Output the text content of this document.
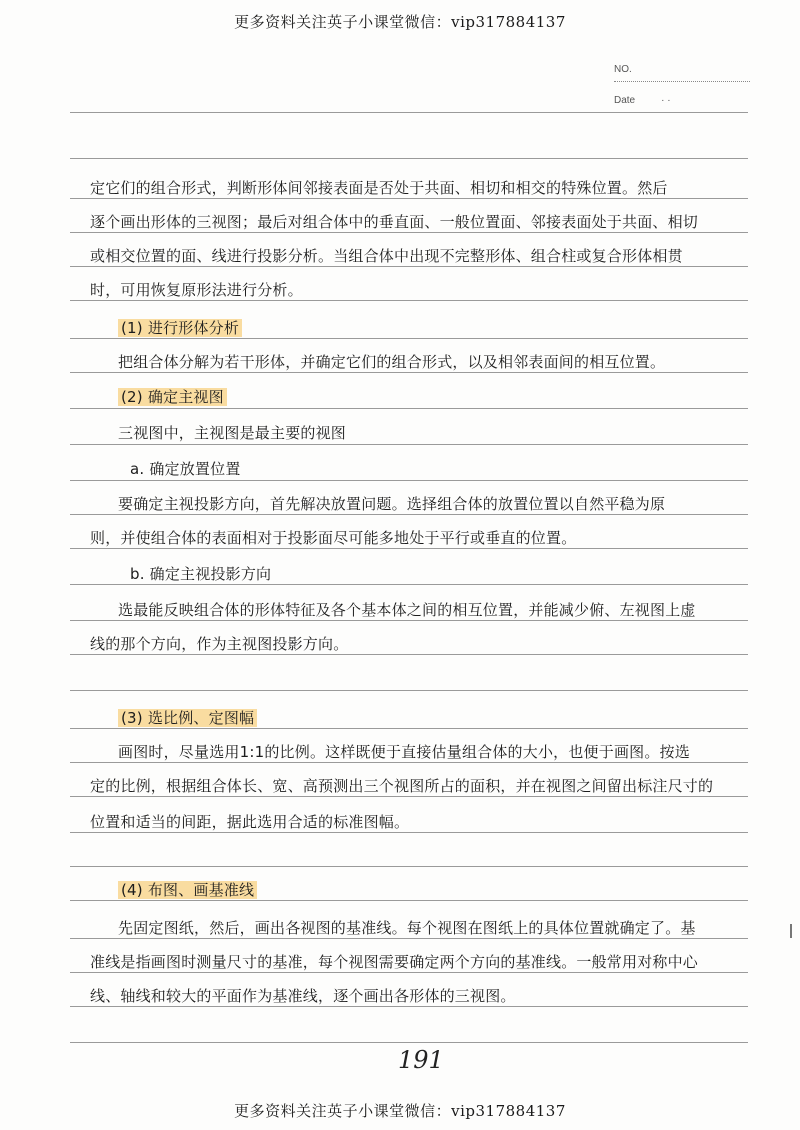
更多资料关注英子小课堂微信：vip317884137
NO.
Date	· ·
定它们的组合形式，判断形体间邻接表面是否处于共面、相切和相交的特殊位置。然后
逐个画出形体的三视图；最后对组合体中的垂直面、一般位置面、邻接表面处于共面、相切
或相交位置的面、线进行投影分析。当组合体中出现不完整形体、组合柱或复合形体相贯
时，可用恢复原形法进行分析。
(1) 进行形体分析
把组合体分解为若干形体，并确定它们的组合形式，以及相邻表面间的相互位置。
(2) 确定主视图
三视图中，主视图是最主要的视图
a. 确定放置位置
要确定主视投影方向，首先解决放置问题。选择组合体的放置位置以自然平稳为原
则，并使组合体的表面相对于投影面尽可能多地处于平行或垂直的位置。
b. 确定主视投影方向
选最能反映组合体的形体特征及各个基本体之间的相互位置，并能减少俯、左视图上虚
线的那个方向，作为主视图投影方向。
(3) 选比例、定图幅
画图时，尽量选用1:1的比例。这样既便于直接估量组合体的大小，也便于画图。按选
定的比例，根据组合体长、宽、高预测出三个视图所占的面积，并在视图之间留出标注尺寸的
位置和适当的间距，据此选用合适的标准图幅。
(4) 布图、画基准线
先固定图纸，然后，画出各视图的基准线。每个视图在图纸上的具体位置就确定了。基
准线是指画图时测量尺寸的基准，每个视图需要确定两个方向的基准线。一般常用对称中心
线、轴线和较大的平面作为基准线，逐个画出各形体的三视图。
191
更多资料关注英子小课堂微信：vip317884137
